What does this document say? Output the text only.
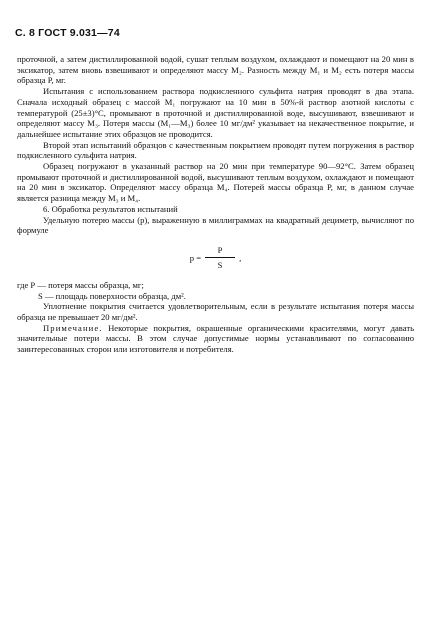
С. 8 ГОСТ 9.031—74

проточной, а затем дистиллированной водой, сушат теплым воздухом, охлаждают и помещают на 20 мин в эксикатор, затем вновь взвешивают и определяют массу М₂. Разность между М₁ и М₂ есть потеря массы образца Р, мг.

Испытания с использованием раствора подкисленного сульфита натрия проводят в два этапа. Сначала исходный образец с массой М₁ погружают на 10 мин в 50%-й раствор азотной кислоты с температурой (25±3)°С, промывают в проточной и дистиллированной воде, высушивают, взвешивают и определяют массу М₃. Потеря массы (М₁—М₃) более 10 мг/дм² указывает на некачественное покрытие, и дальнейшее испытание этих образцов не проводится.

Второй этап испытаний образцов с качественным покрытием проводят путем погружения в раствор подкисленного сульфита натрия.

Образец погружают в указанный раствор на 20 мин при температуре 90—92°С. Затем образец промывают проточной и дистиллированной водой, высушивают теплым воздухом, охлаждают и помещают на 20 мин в эксикатор. Определяют массу образца М₄. Потерей массы образца Р, мг, в данном случае является разница между М₃ и М₄.

6. Обработка результатов испытаний

Удельную потерю массы (р), выраженную в миллиграммах на квадратный дециметр, вычисляют по формуле

$р = \frac{Р}{S}$ ,
где Р — потеря массы образца, мг;
S — площадь поверхности образца, дм².

Уплотнение покрытия считается удовлетворительным, если в результате испытания потеря массы образца не превышает 20 мг/дм².

Примечание. Некоторые покрытия, окрашенные органическими красителями, могут давать значительные потери массы. В этом случае допустимые нормы устанавливают по согласованию заинтересованных сторон или изготовителя и потребителя.
